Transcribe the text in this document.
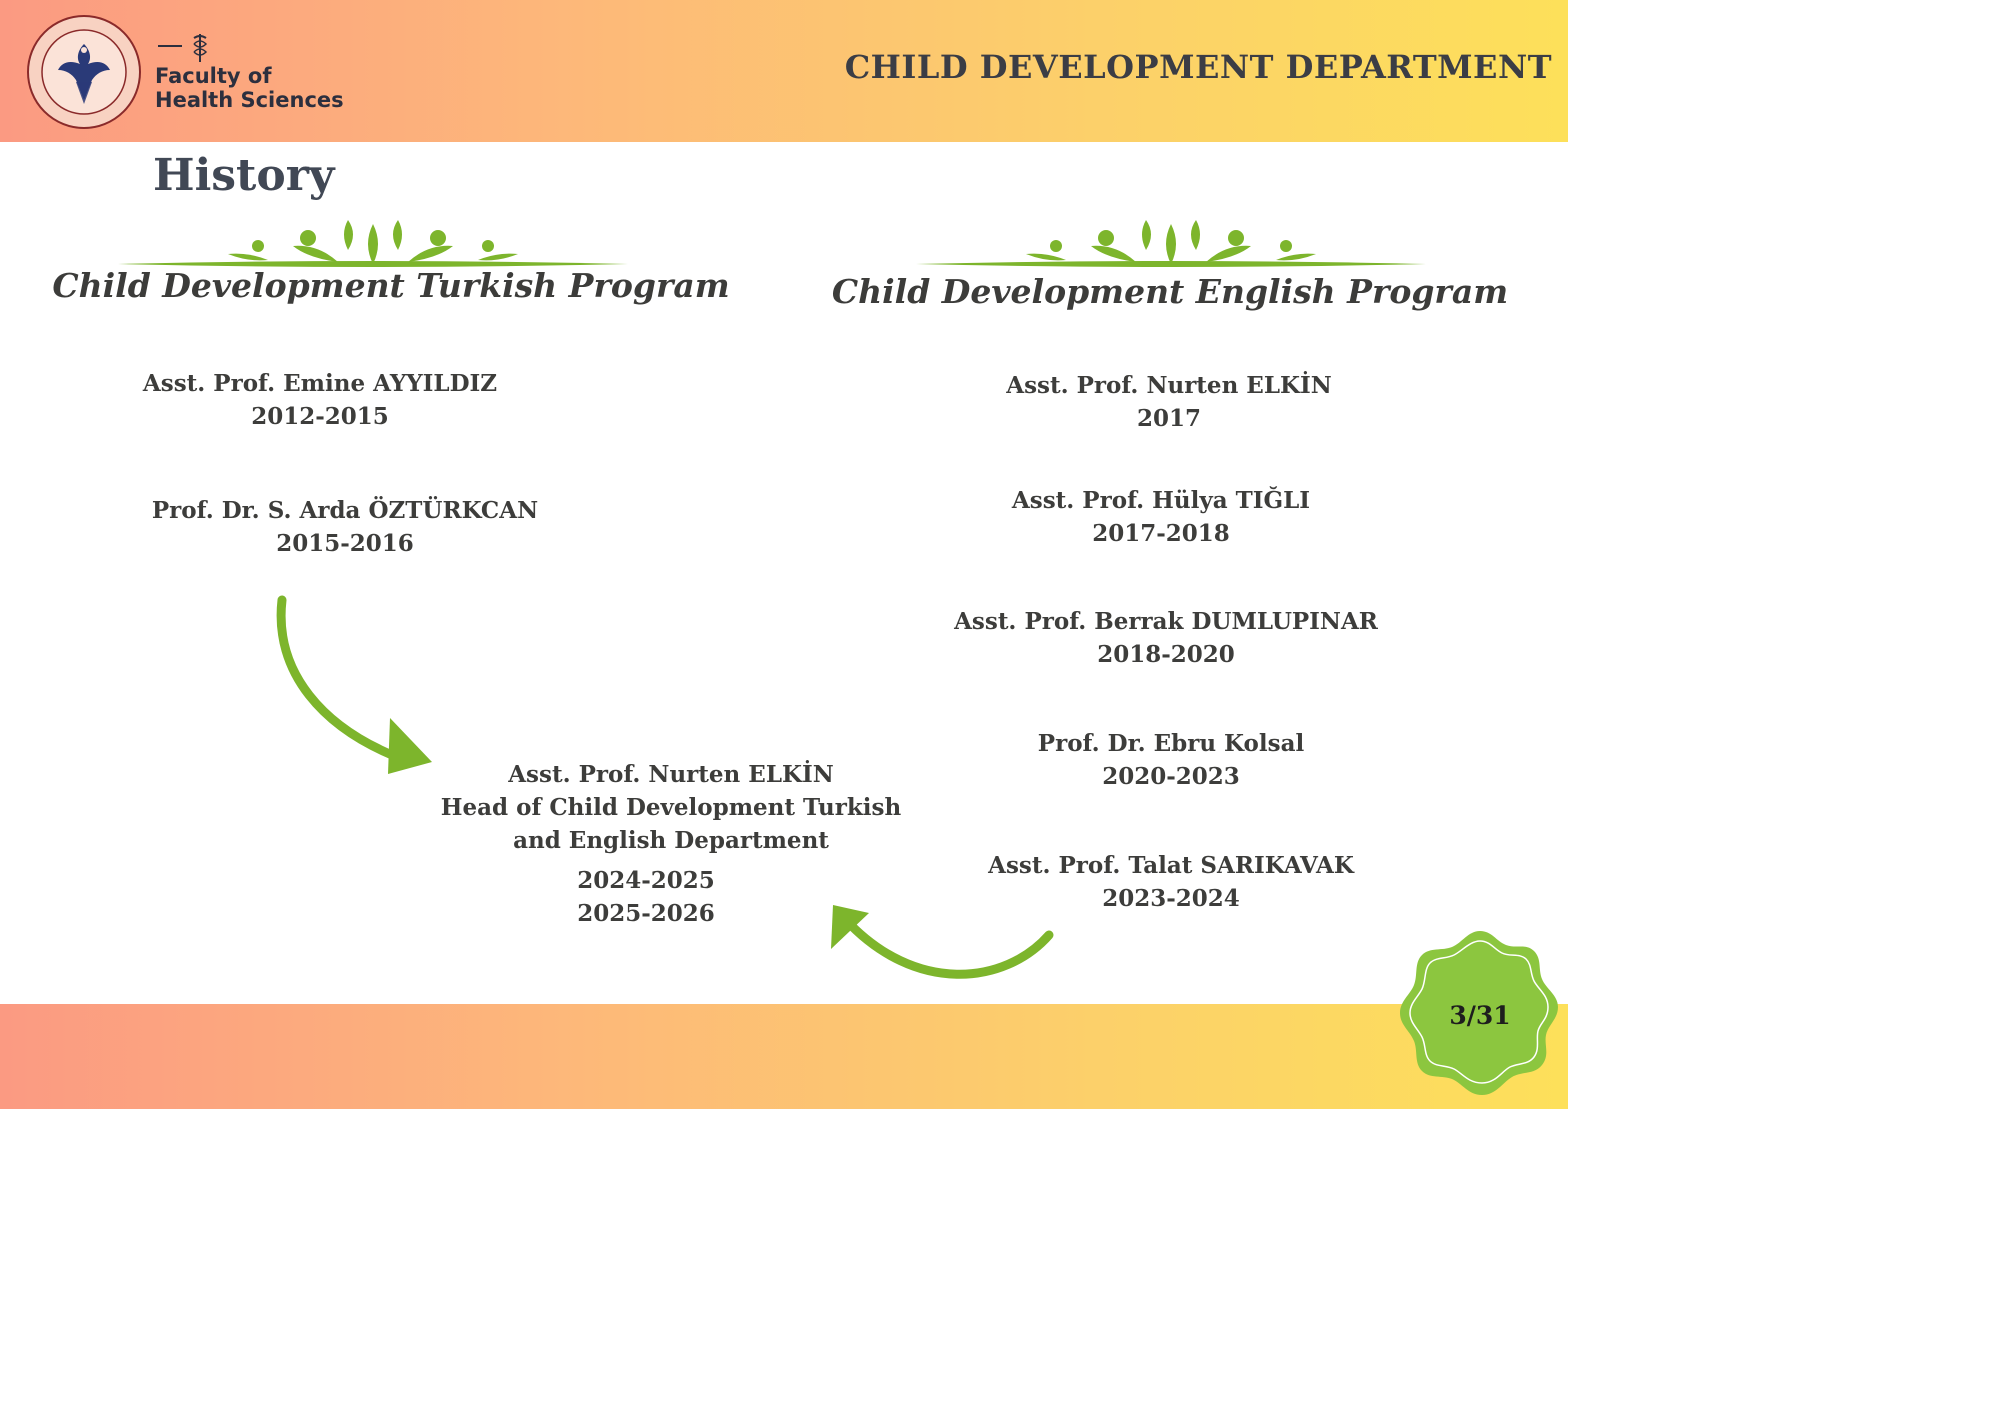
Faculty of
Health Sciences

CHILD DEVELOPMENT DEPARTMENT
History
Child Development Turkish Program	Child Development English Program
Asst. Prof. Emine AYYILDIZ
2012-2015
Prof. Dr. S. Arda ÖZTÜRKCAN
2015-2016
Asst. Prof. Nurten ELKİN
2017
Asst. Prof. Hülya TIĞLI
2017-2018
Asst. Prof. Berrak DUMLUPINAR
2018-2020
Prof. Dr. Ebru Kolsal
2020-2023
Asst. Prof. Talat SARIKAVAK
2023-2024
Asst. Prof. Nurten ELKİN
Head of Child Development Turkish
and English Department
2024-2025
2025-2026
3/31
